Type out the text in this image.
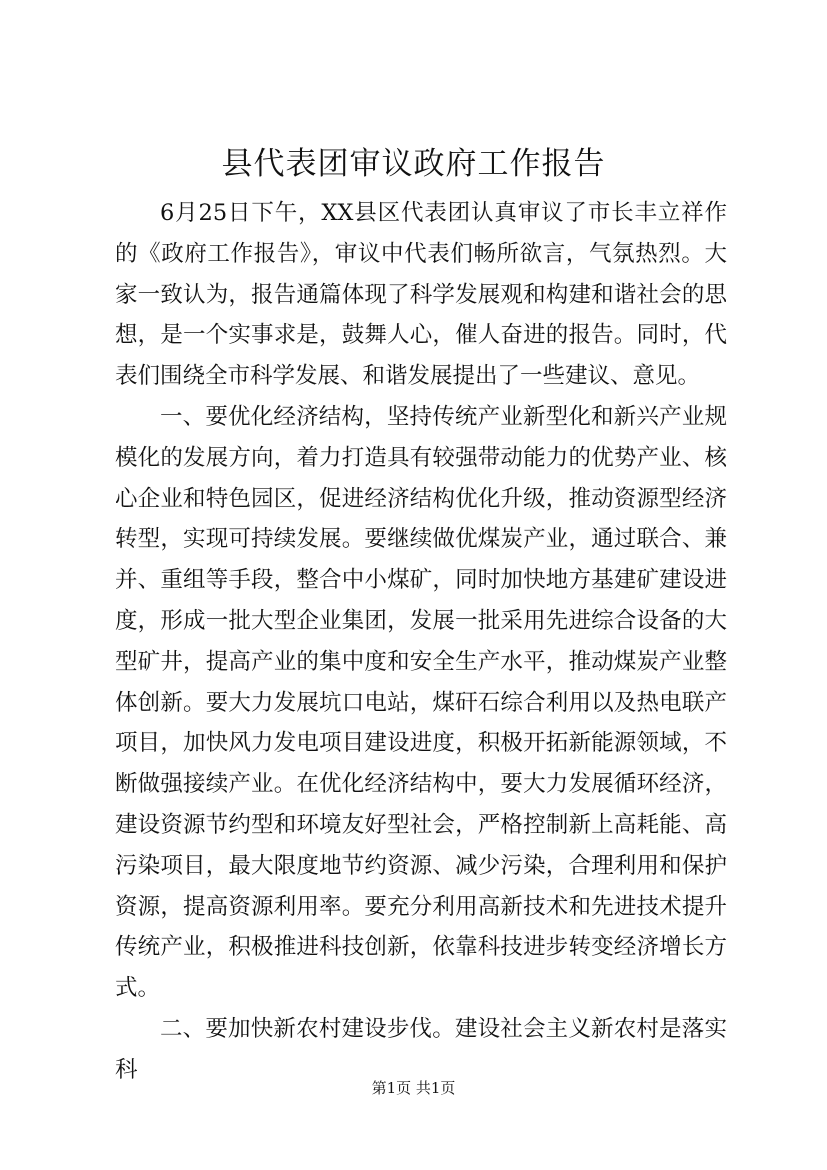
县代表团审议政府工作报告

6月25日下午，XX县区代表团认真审议了市长丰立祥作的《政府工作报告》，审议中代表们畅所欲言，气氛热烈。大家一致认为，报告通篇体现了科学发展观和构建和谐社会的思想，是一个实事求是，鼓舞人心，催人奋进的报告。同时，代表们围绕全市科学发展、和谐发展提出了一些建议、意见。

一、要优化经济结构，坚持传统产业新型化和新兴产业规模化的发展方向，着力打造具有较强带动能力的优势产业、核心企业和特色园区，促进经济结构优化升级，推动资源型经济转型，实现可持续发展。要继续做优煤炭产业，通过联合、兼并、重组等手段，整合中小煤矿，同时加快地方基建矿建设进度，形成一批大型企业集团，发展一批采用先进综合设备的大型矿井，提高产业的集中度和安全生产水平，推动煤炭产业整体创新。要大力发展坑口电站，煤矸石综合利用以及热电联产项目，加快风力发电项目建设进度，积极开拓新能源领域，不断做强接续产业。在优化经济结构中，要大力发展循环经济，建设资源节约型和环境友好型社会，严格控制新上高耗能、高污染项目，最大限度地节约资源、减少污染，合理利用和保护资源，提高资源利用率。要充分利用高新技术和先进技术提升传统产业，积极推进科技创新，依靠科技进步转变经济增长方式。

二、要加快新农村建设步伐。建设社会主义新农村是落实科

第1页 共1页
